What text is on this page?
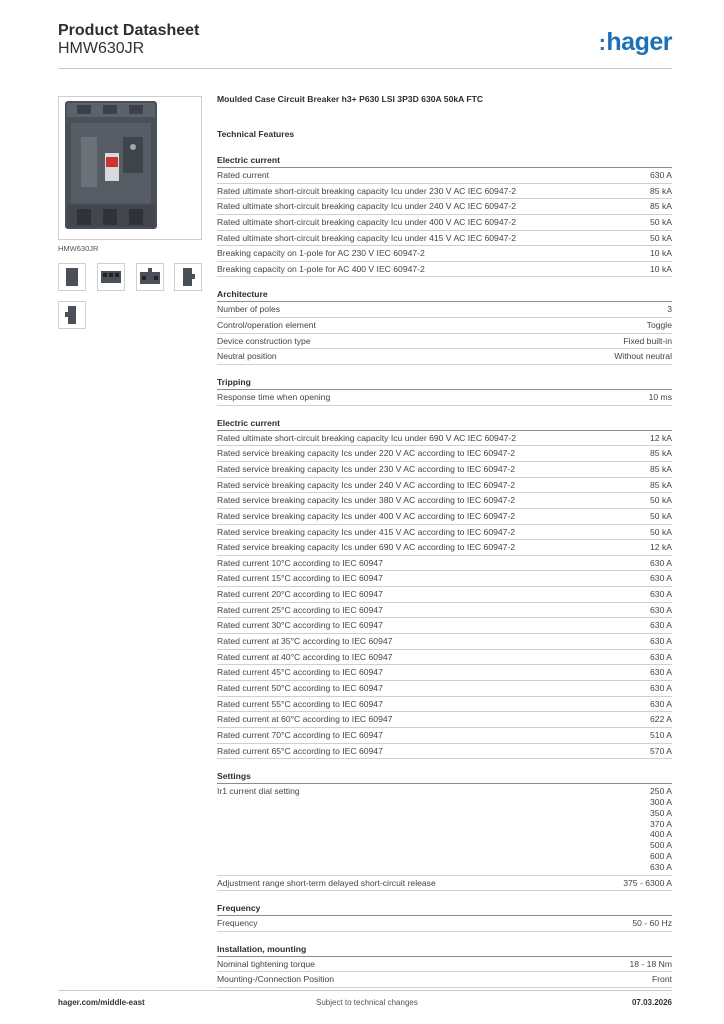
Product Datasheet
HMW630JR	:hager
HMW630JR
Moulded Case Circuit Breaker h3+ P630 LSI 3P3D 630A 50kA FTC
Technical Features
Electric current
Rated current	630 A
Rated ultimate short-circuit breaking capacity Icu under 230 V AC IEC 60947-2	85 kA
Rated ultimate short-circuit breaking capacity Icu under 240 V AC IEC 60947-2	85 kA
Rated ultimate short-circuit breaking capacity Icu under 400 V AC IEC 60947-2	50 kA
Rated ultimate short-circuit breaking capacity Icu under 415 V AC IEC 60947-2	50 kA
Breaking capacity on 1-pole for AC 230 V IEC 60947-2	10 kA
Breaking capacity on 1-pole for AC 400 V IEC 60947-2	10 kA
Architecture
Number of poles	3
Control/operation element	Toggle
Device construction type	Fixed built-in
Neutral position	Without neutral
Tripping
Response time when opening	10 ms
Electric current
Rated ultimate short-circuit breaking capacity Icu under 690 V AC IEC 60947-2	12 kA
Rated service breaking capacity Ics under 220 V AC according to IEC 60947-2	85 kA
Rated service breaking capacity Ics under 230 V AC according to IEC 60947-2	85 kA
Rated service breaking capacity Ics under 240 V AC according to IEC 60947-2	85 kA
Rated service breaking capacity Ics under 380 V AC according to IEC 60947-2	50 kA
Rated service breaking capacity Ics under 400 V AC according to IEC 60947-2	50 kA
Rated service breaking capacity Ics under 415 V AC according to IEC 60947-2	50 kA
Rated service breaking capacity Ics under 690 V AC according to IEC 60947-2	12 kA
Rated current 10°C according to IEC 60947	630 A
Rated current 15°C according to IEC 60947	630 A
Rated current 20°C according to IEC 60947	630 A
Rated current 25°C according to IEC 60947	630 A
Rated current 30°C according to IEC 60947	630 A
Rated current at 35°C according to IEC 60947	630 A
Rated current at 40°C according to IEC 60947	630 A
Rated current 45°C according to IEC 60947	630 A
Rated current 50°C according to IEC 60947	630 A
Rated current 55°C according to IEC 60947	630 A
Rated current at 60°C according to IEC 60947	622 A
Rated current 70°C according to IEC 60947	510 A
Rated current 65°C according to IEC 60947	570 A
Settings
Ir1 current dial setting	250 A
300 A
350 A
370 A
400 A
500 A
600 A
630 A
Adjustment range short-term delayed short-circuit release	375 - 6300 A
Frequency
Frequency	50 - 60 Hz
Installation, mounting
Nominal tightening torque	18 - 18 Nm
Mounting-/Connection Position	Front
hager.com/middle-east	Subject to technical changes	07.03.2026
